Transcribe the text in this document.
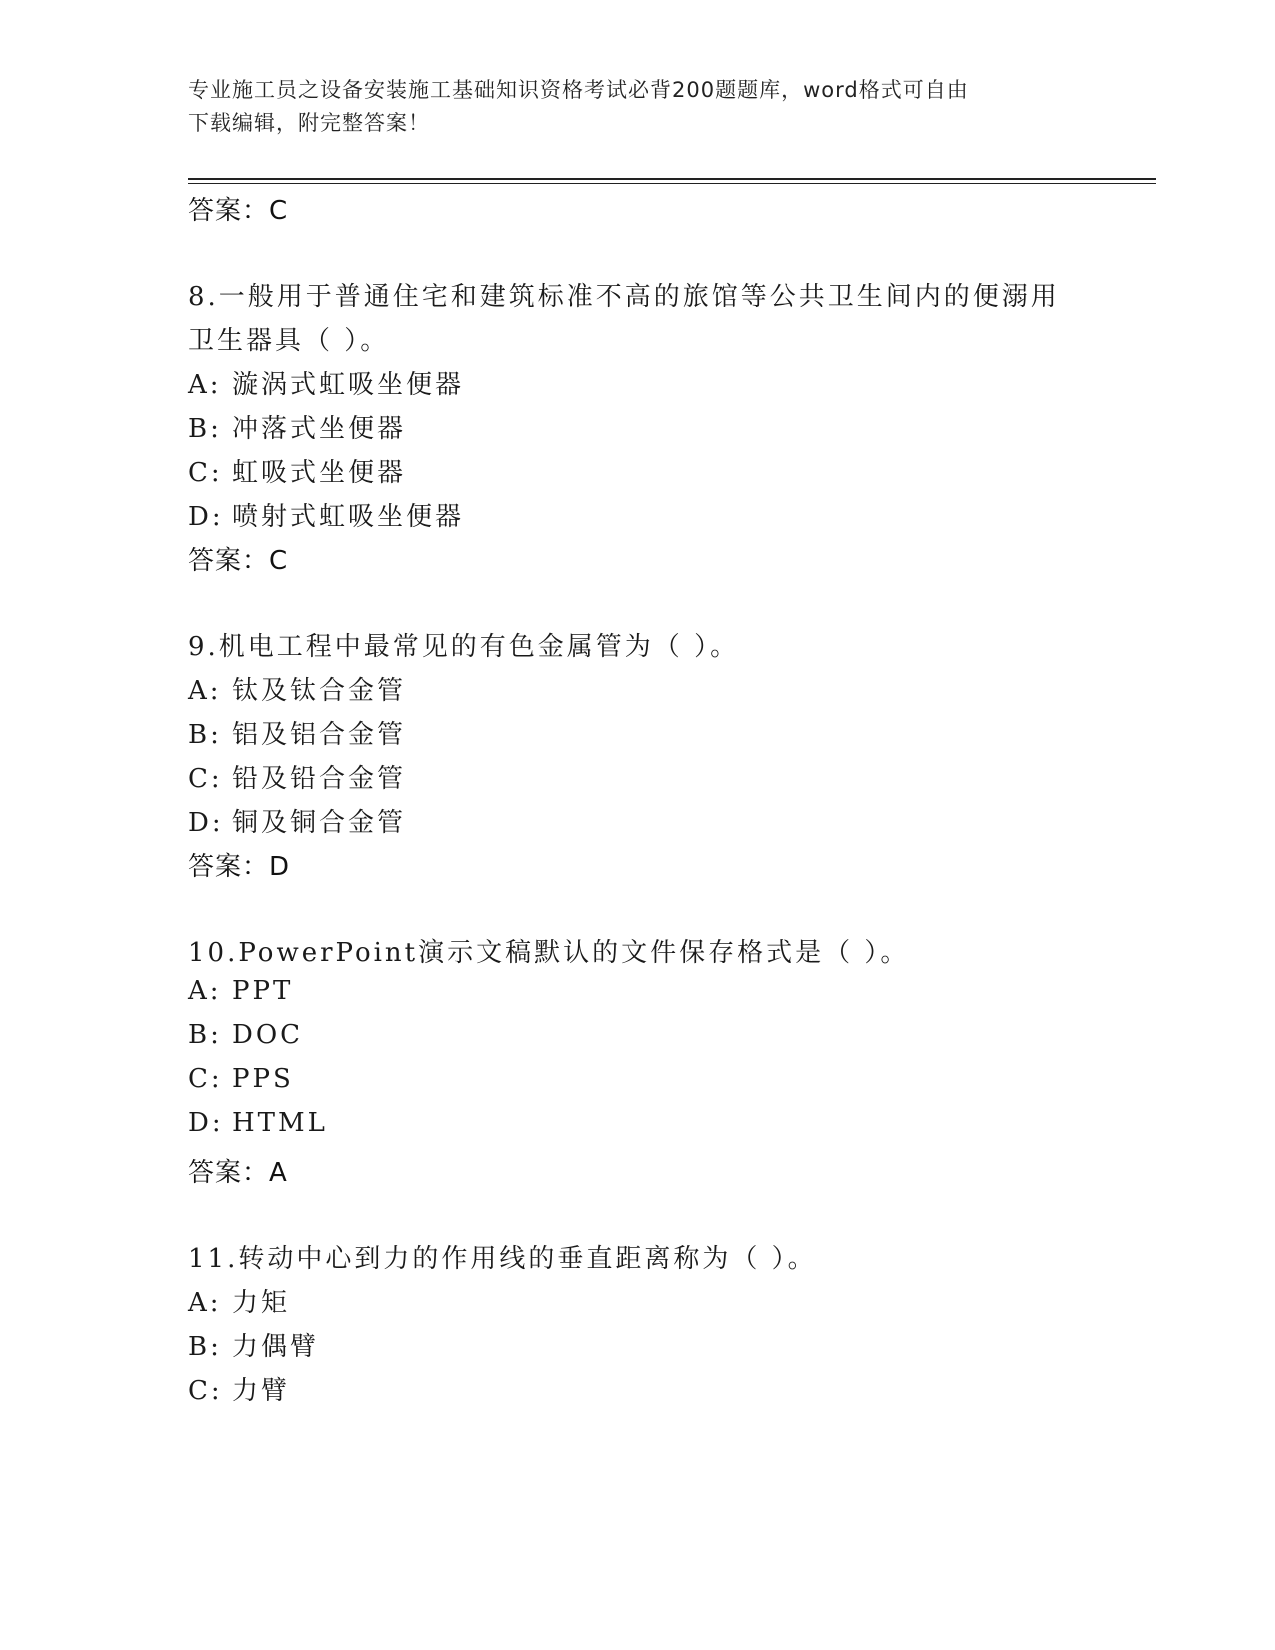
专业施工员之设备安装施工基础知识资格考试必背200题题库，word格式可自由
下载编辑，附完整答案！
答案：C
8.一般用于普通住宅和建筑标准不高的旅馆等公共卫生间内的便溺用
卫生器具（ ）。
A: 漩涡式虹吸坐便器
B: 冲落式坐便器
C: 虹吸式坐便器
D: 喷射式虹吸坐便器
答案：C
9.机电工程中最常见的有色金属管为（ ）。
A: 钛及钛合金管
B: 铝及铝合金管
C: 铅及铅合金管
D: 铜及铜合金管
答案：D
10.PowerPoint演示文稿默认的文件保存格式是（ ）。
A: PPT
B: DOC
C: PPS
D: HTML
答案：A
11.转动中心到力的作用线的垂直距离称为（ ）。
A: 力矩
B: 力偶臂
C: 力臂
